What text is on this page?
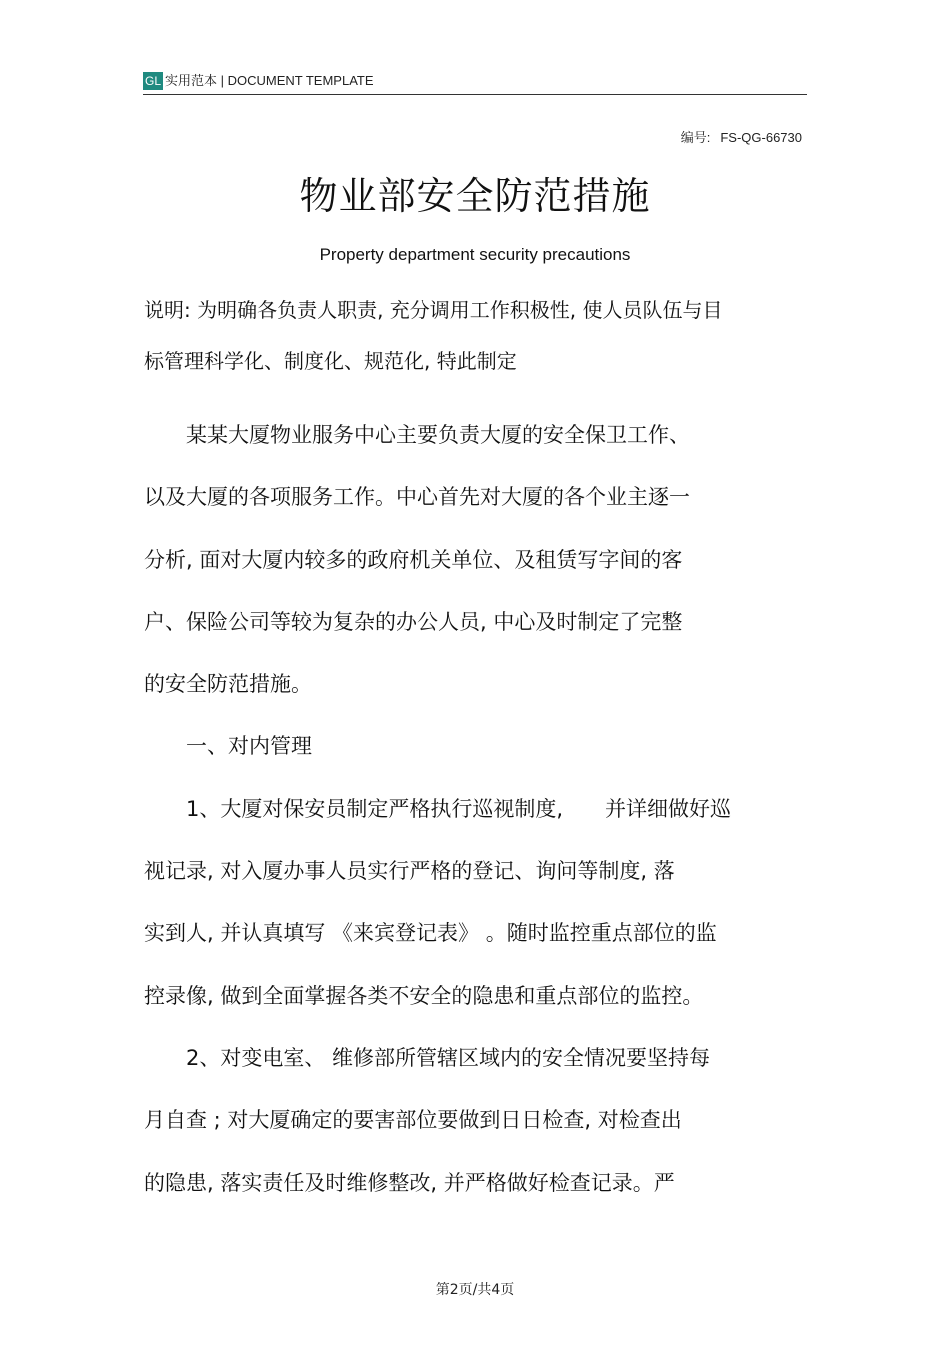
GL 实用范本 | DOCUMENT TEMPLATE
编号: FS-QG-66730
物业部安全防范措施
Property department security precautions
说明: 为明确各负责人职责, 充分调用工作积极性, 使人员队伍与目
标管理科学化、制度化、规范化, 特此制定
　　某某大厦物业服务中心主要负责大厦的安全保卫工作、
以及大厦的各项服务工作。中心首先对大厦的各个业主逐一
分析, 面对大厦内较多的政府机关单位、及租赁写字间的客
户、保险公司等较为复杂的办公人员, 中心及时制定了完整
的安全防范措施。
　　一、对内管理
　　1、大厦对保安员制定严格执行巡视制度,　　并详细做好巡
视记录, 对入厦办事人员实行严格的登记、询问等制度, 落
实到人, 并认真填写 《来宾登记表》 。随时监控重点部位的监
控录像, 做到全面掌握各类不安全的隐患和重点部位的监控。
　　2、对变电室、 维修部所管辖区域内的安全情况要坚持每
月自查 ; 对大厦确定的要害部位要做到日日检查, 对检查出
的隐患, 落实责任及时维修整改, 并严格做好检查记录。严
第2页/共4页
